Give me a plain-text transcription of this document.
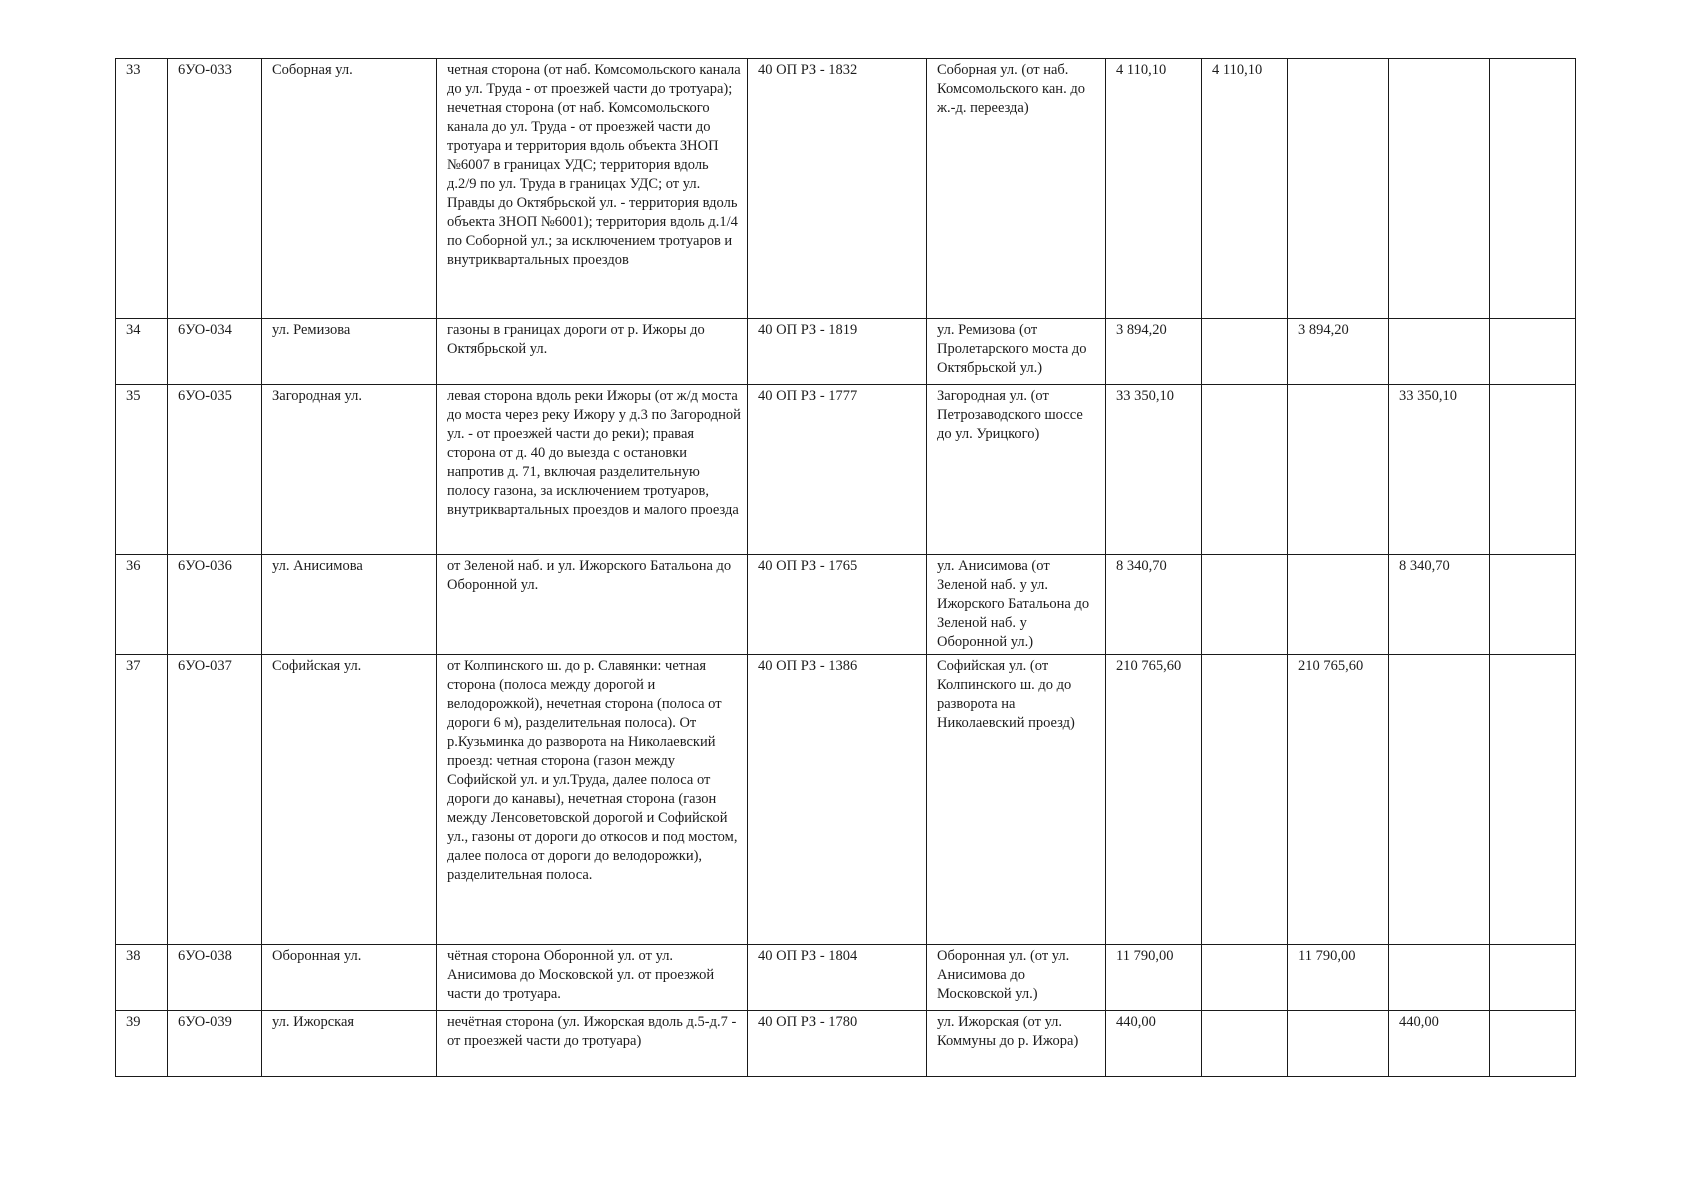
33	6УО-033	Соборная ул.	четная сторона (от наб. Комсомольского канала до ул. Труда - от проезжей части до тротуара); нечетная сторона (от наб. Комсомольского канала до ул. Труда - от проезжей части до тротуара и территория вдоль объекта ЗНОП №6007 в границах УДС; территория вдоль д.2/9 по ул. Труда в границах УДС; от ул. Правды до Октябрьской ул. - территория вдоль объекта ЗНОП №6001); территория вдоль д.1/4 по Соборной ул.; за исключением тротуаров и внутриквартальных проездов	40 ОП РЗ - 1832	Соборная ул. (от наб. Комсомольского кан. до ж.-д. переезда)	4 110,10	4 110,10			
34	6УО-034	ул. Ремизова	газоны в границах дороги от р. Ижоры до Октябрьской ул.	40 ОП РЗ - 1819	ул. Ремизова (от Пролетарского моста до Октябрьской ул.)	3 894,20		3 894,20		
35	6УО-035	Загородная ул.	левая сторона вдоль реки Ижоры (от ж/д моста до моста через реку Ижору у д.3 по Загородной ул. - от проезжей части до реки); правая сторона от д. 40 до выезда с остановки напротив д. 71, включая разделительную полосу газона, за исключением тротуаров, внутриквартальных проездов и малого проезда	40 ОП РЗ - 1777	Загородная ул. (от Петрозаводского шоссе до ул. Урицкого)	33 350,10			33 350,10	
36	6УО-036	ул. Анисимова	от Зеленой наб. и ул. Ижорского Батальона до Оборонной ул.	40 ОП РЗ - 1765	ул. Анисимова (от Зеленой наб. у ул. Ижорского Батальона до Зеленой наб. у Оборонной ул.)	8 340,70			8 340,70	
37	6УО-037	Софийская ул.	от Колпинского ш. до р. Славянки: четная сторона (полоса между дорогой и велодорожкой), нечетная сторона (полоса от дороги 6 м), разделительная полоса). От р.Кузьминка до разворота на Николаевский проезд: четная сторона (газон между Софийской ул. и ул.Труда, далее полоса от дороги до канавы), нечетная сторона (газон между Ленсоветовской дорогой и Софийской ул., газоны от дороги до откосов и под мостом, далее полоса от дороги до велодорожки), разделительная полоса.	40 ОП РЗ - 1386	Софийская ул. (от Колпинского ш. до до разворота на Николаевский проезд)	210 765,60		210 765,60		
38	6УО-038	Оборонная ул.	чётная сторона Оборонной ул. от ул. Анисимова до Московской ул. от проезжой части до тротуара.	40 ОП РЗ - 1804	Оборонная ул. (от ул. Анисимова до Московской ул.)	11 790,00		11 790,00		
39	6УО-039	ул. Ижорская	нечётная сторона (ул. Ижорская вдоль д.5-д.7 - от проезжей части до тротуара)	40 ОП РЗ - 1780	ул. Ижорская (от ул. Коммуны до р. Ижора)	440,00			440,00	
